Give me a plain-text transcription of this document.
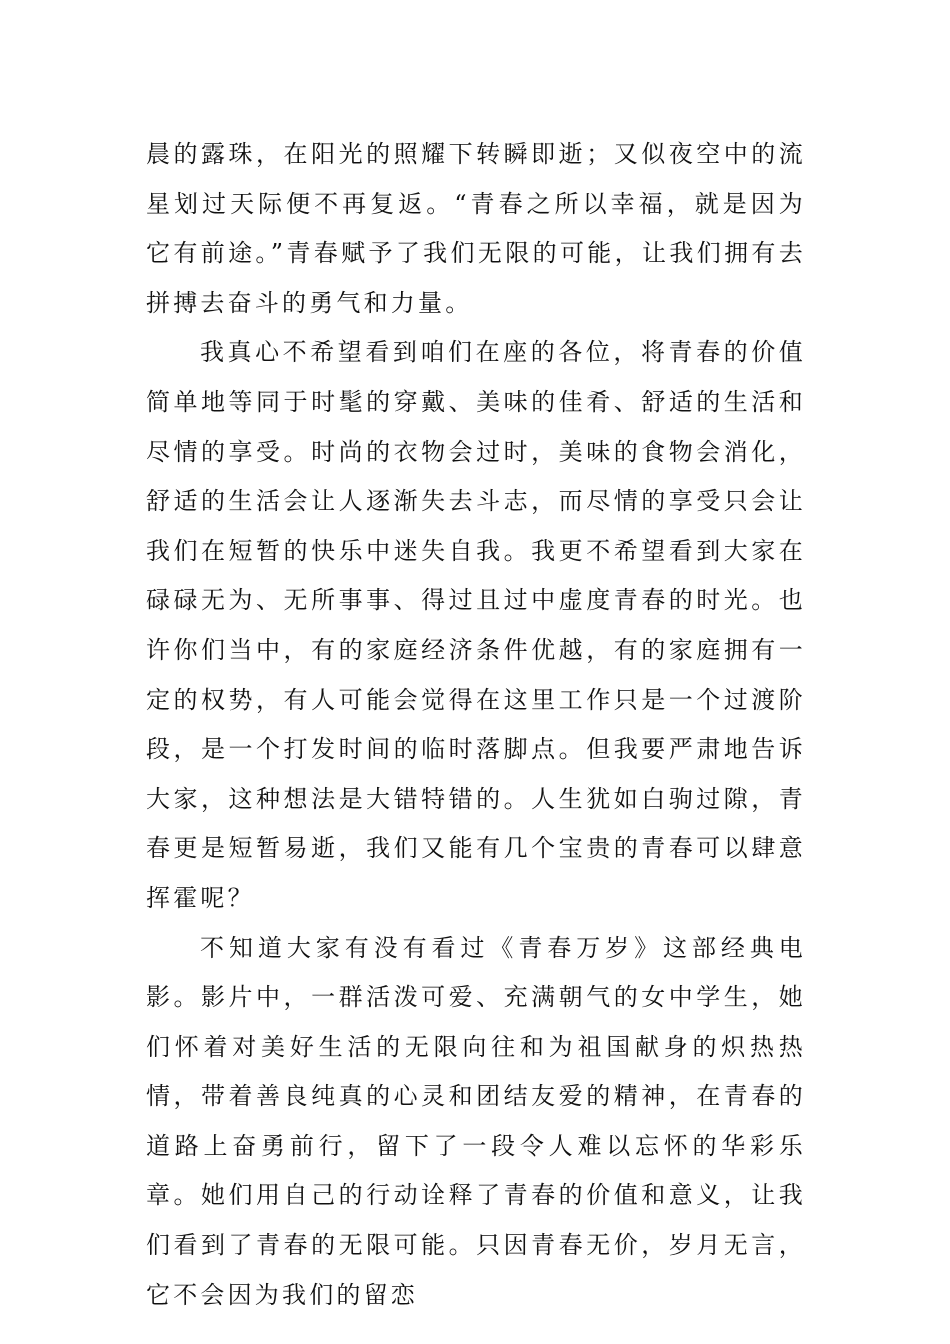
晨的露珠，在阳光的照耀下转瞬即逝；又似夜空中的流星划过天际便不再复返。“青春之所以幸福，就是因为它有前途。”青春赋予了我们无限的可能，让我们拥有去拼搏去奋斗的勇气和力量。

我真心不希望看到咱们在座的各位，将青春的价值简单地等同于时髦的穿戴、美味的佳肴、舒适的生活和尽情的享受。时尚的衣物会过时，美味的食物会消化，舒适的生活会让人逐渐失去斗志，而尽情的享受只会让我们在短暂的快乐中迷失自我。我更不希望看到大家在碌碌无为、无所事事、得过且过中虚度青春的时光。也许你们当中，有的家庭经济条件优越，有的家庭拥有一定的权势，有人可能会觉得在这里工作只是一个过渡阶段，是一个打发时间的临时落脚点。但我要严肃地告诉大家，这种想法是大错特错的。人生犹如白驹过隙，青春更是短暂易逝，我们又能有几个宝贵的青春可以肆意挥霍呢？

不知道大家有没有看过《青春万岁》这部经典电影。影片中，一群活泼可爱、充满朝气的女中学生，她们怀着对美好生活的无限向往和为祖国献身的炽热热情，带着善良纯真的心灵和团结友爱的精神，在青春的道路上奋勇前行，留下了一段令人难以忘怀的华彩乐章。她们用自己的行动诠释了青春的价值和意义，让我们看到了青春的无限可能。只因青春无价，岁月无言，它不会因为我们的留恋
